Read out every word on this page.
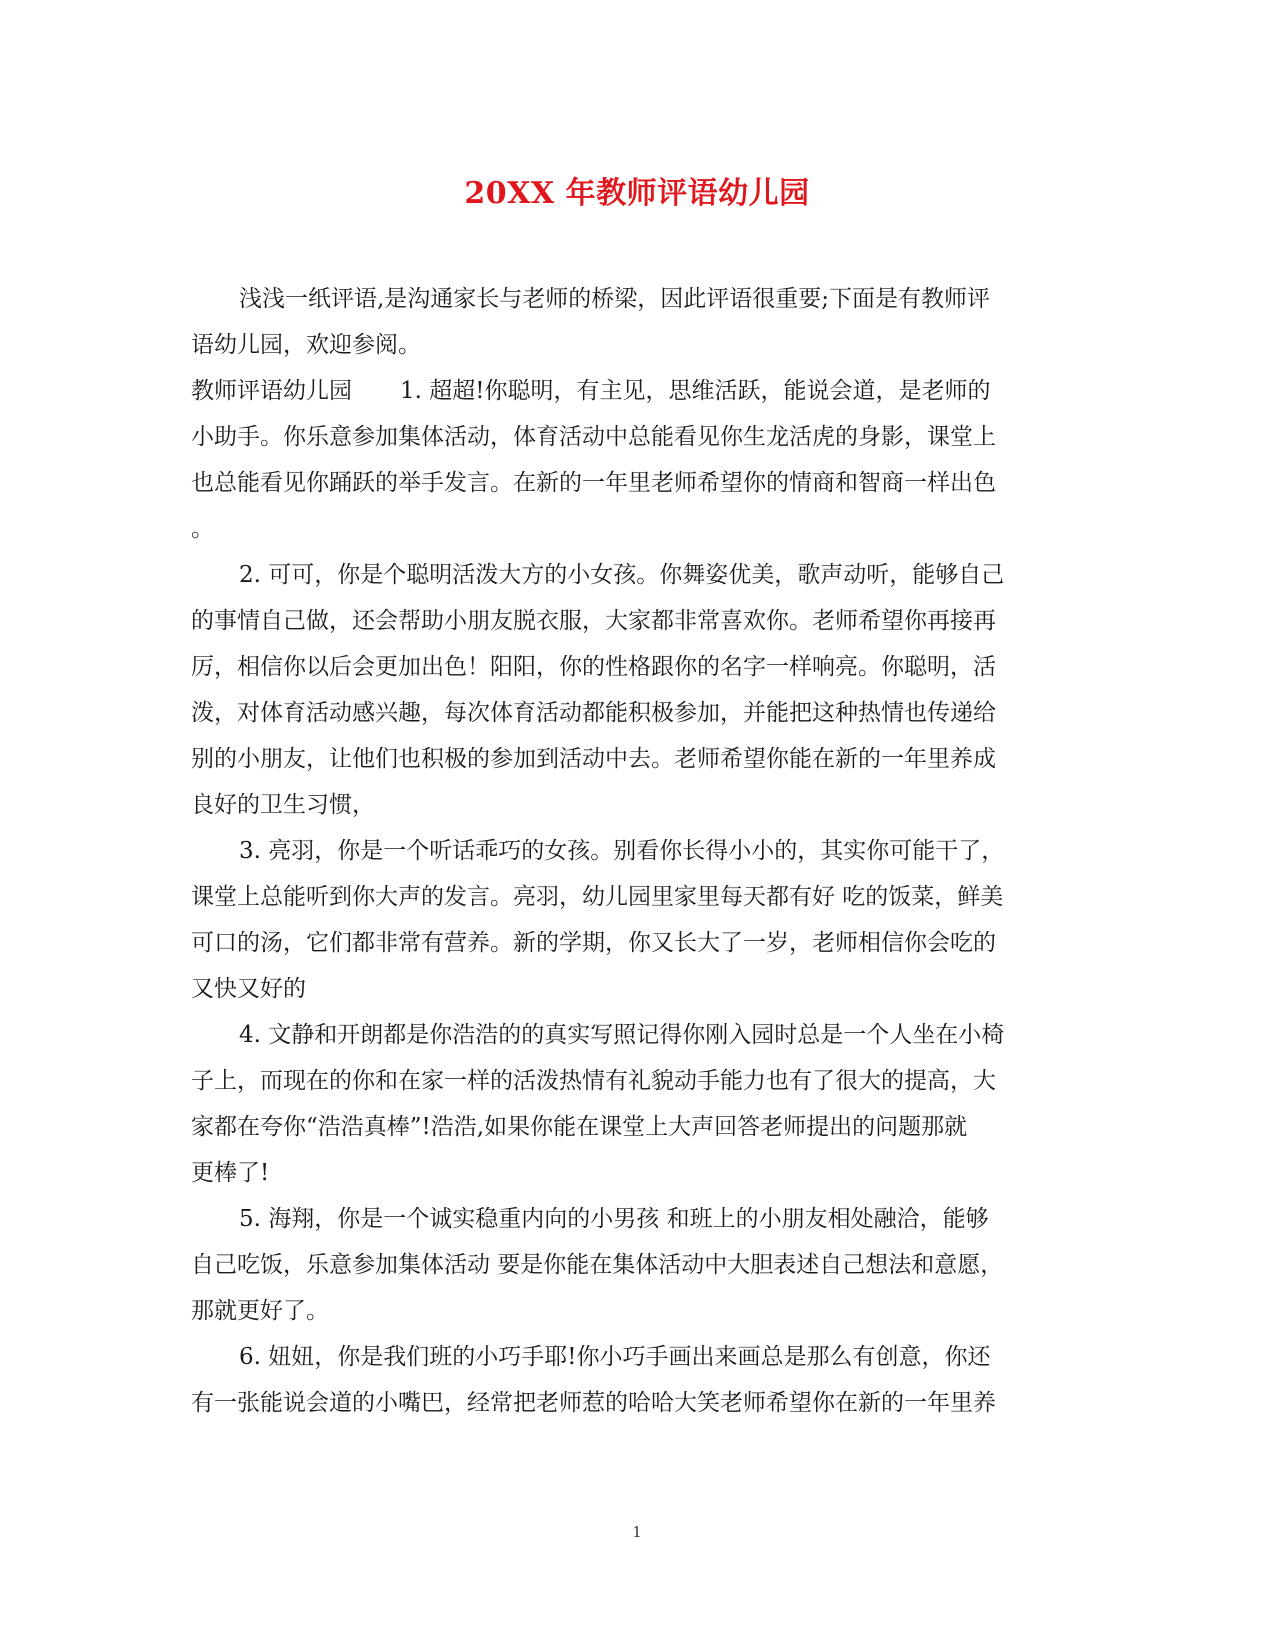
20XX 年教师评语幼儿园
浅浅一纸评语,是沟通家长与老师的桥梁，因此评语很重要;下面是有教师评
语幼儿园，欢迎参阅。
教师评语幼儿园 1. 超超!你聪明，有主见，思维活跃，能说会道，是老师的
小助手。你乐意参加集体活动，体育活动中总能看见你生龙活虎的身影，课堂上
也总能看见你踊跃的举手发言。在新的一年里老师希望你的情商和智商一样出色
。
2. 可可，你是个聪明活泼大方的小女孩。你舞姿优美，歌声动听，能够自己
的事情自己做，还会帮助小朋友脱衣服，大家都非常喜欢你。老师希望你再接再
厉，相信你以后会更加出色！阳阳，你的性格跟你的名字一样响亮。你聪明，活
泼，对体育活动感兴趣，每次体育活动都能积极参加，并能把这种热情也传递给
别的小朋友，让他们也积极的参加到活动中去。老师希望你能在新的一年里养成
良好的卫生习惯，
3. 亮羽，你是一个听话乖巧的女孩。别看你长得小小的，其实你可能干了，
课堂上总能听到你大声的发言。亮羽，幼儿园里家里每天都有好 吃的饭菜，鲜美
可口的汤，它们都非常有营养。新的学期，你又长大了一岁，老师相信你会吃的
又快又好的
4. 文静和开朗都是你浩浩的的真实写照记得你刚入园时总是一个人坐在小椅
子上，而现在的你和在家一样的活泼热情有礼貌动手能力也有了很大的提高，大
家都在夸你“浩浩真棒”!浩浩,如果你能在课堂上大声回答老师提出的问题那就
更棒了!
5. 海翔，你是一个诚实稳重内向的小男孩 和班上的小朋友相处融洽，能够
自己吃饭，乐意参加集体活动 要是你能在集体活动中大胆表述自己想法和意愿，
那就更好了。
6. 妞妞，你是我们班的小巧手耶!你小巧手画出来画总是那么有创意，你还
有一张能说会道的小嘴巴，经常把老师惹的哈哈大笑老师希望你在新的一年里养
1
